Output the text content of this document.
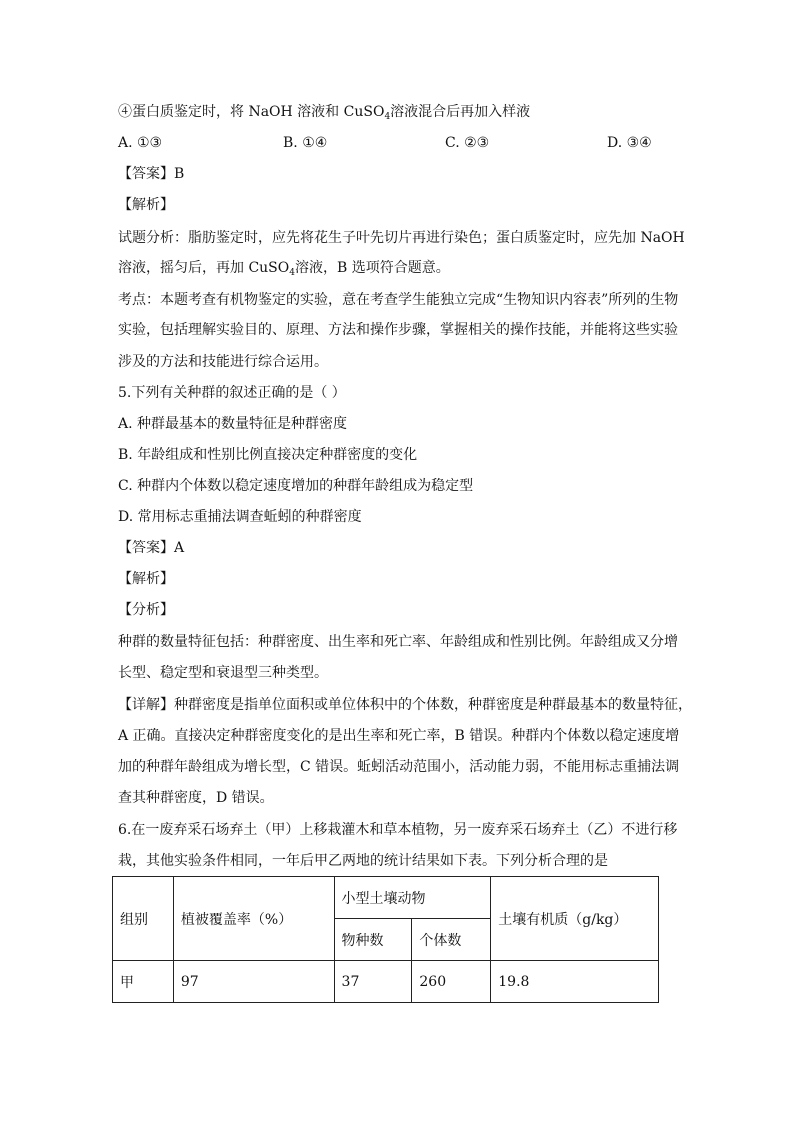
④蛋白质鉴定时，将 NaOH 溶液和 CuSO$_4$溶液混合后再加入样液
A. ①③	B. ①④	C. ②③	D. ③④
【答案】B
【解析】
试题分析：脂肪鉴定时，应先将花生子叶先切片再进行染色；蛋白质鉴定时，应先加 NaOH
溶液，摇匀后，再加 CuSO$_4$溶液，B 选项符合题意。
考点：本题考查有机物鉴定的实验，意在考查学生能独立完成“生物知识内容表”所列的生物
实验，包括理解实验目的、原理、方法和操作步骤，掌握相关的操作技能，并能将这些实验
涉及的方法和技能进行综合运用。
5.下列有关种群的叙述正确的是（ ）
A. 种群最基本的数量特征是种群密度
B. 年龄组成和性别比例直接决定种群密度的变化
C. 种群内个体数以稳定速度增加的种群年龄组成为稳定型
D. 常用标志重捕法调查蚯蚓的种群密度
【答案】A
【解析】
【分析】
种群的数量特征包括：种群密度、出生率和死亡率、年龄组成和性别比例。年龄组成又分增
长型、稳定型和衰退型三种类型。
【详解】种群密度是指单位面积或单位体积中的个体数，种群密度是种群最基本的数量特征，
A 正确。直接决定种群密度变化的是出生率和死亡率，B 错误。种群内个体数以稳定速度增
加的种群年龄组成为增长型，C 错误。蚯蚓活动范围小，活动能力弱，不能用标志重捕法调
查其种群密度，D 错误。
6.在一废弃采石场弃土（甲）上移栽灌木和草本植物，另一废弃采石场弃土（乙）不进行移
栽，其他实验条件相同，一年后甲乙两地的统计结果如下表。下列分析合理的是
组别	植被覆盖率（%）	小型土壤动物		土壤有机质（g/kg）
		物种数	个体数	
甲	97	37	260	19.8
